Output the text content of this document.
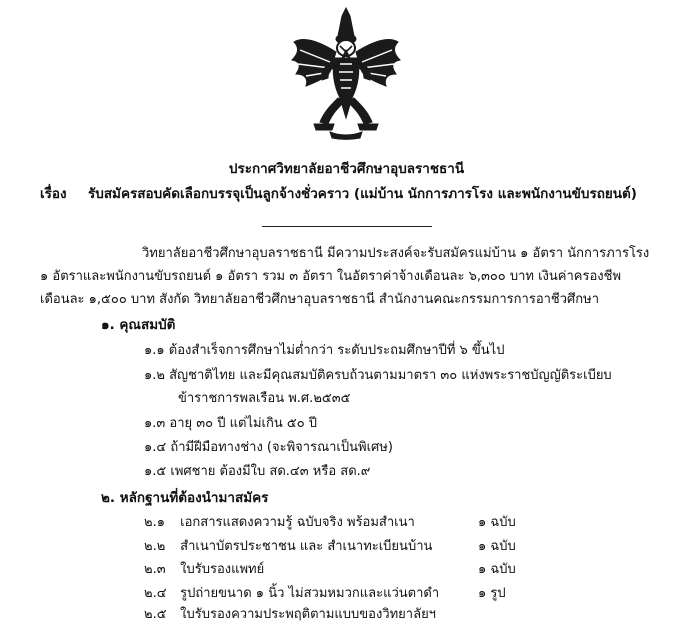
ประกาศวิทยาลัยอาชีวศึกษาอุบลราชธานี
เรื่อง รับสมัครสอบคัดเลือกบรรจุเป็นลูกจ้างชั่วคราว (แม่บ้าน นักการภารโรง และพนักงานขับรถยนต์)
วิทยาลัยอาชีวศึกษาอุบลราชธานี มีความประสงค์จะรับสมัครแม่บ้าน ๑ อัตรา นักการภารโรง
๑ อัตราและพนักงานขับรถยนต์ ๑ อัตรา รวม ๓ อัตรา ในอัตราค่าจ้างเดือนละ ๖,๓๐๐ บาท เงินค่าครองชีพ
เดือนละ ๑,๕๐๐ บาท สังกัด วิทยาลัยอาชีวศึกษาอุบลราชธานี สำนักงานคณะกรรมการการอาชีวศึกษา
๑. คุณสมบัติ
๑.๑ ต้องสำเร็จการศึกษาไม่ต่ำกว่า ระดับประถมศึกษาปีที่ ๖ ขึ้นไป
๑.๒ สัญชาติไทย และมีคุณสมบัติครบถ้วนตามมาตรา ๓๐ แห่งพระราชบัญญัติระเบียบ
ข้าราชการพลเรือน พ.ศ.๒๕๓๕
๑.๓ อายุ ๓๐ ปี แต่ไม่เกิน ๕๐ ปี
๑.๔ ถ้ามีฝีมือทางช่าง (จะพิจารณาเป็นพิเศษ)
๑.๕ เพศชาย ต้องมีใบ สด.๔๓ หรือ สด.๙
๒. หลักฐานที่ต้องนำมาสมัคร
๒.๑ เอกสารแสดงความรู้ ฉบับจริง พร้อมสำเนา	๑ ฉบับ
๒.๒ สำเนาบัตรประชาชน และ สำเนาทะเบียนบ้าน	๑ ฉบับ
๒.๓ ใบรับรองแพทย์	๑ ฉบับ
๒.๔ รูปถ่ายขนาด ๑ นิ้ว ไม่สวมหมวกและแว่นตาดำ	๑ รูป
๒.๕ ใบรับรองความประพฤติตามแบบของวิทยาลัยฯ
